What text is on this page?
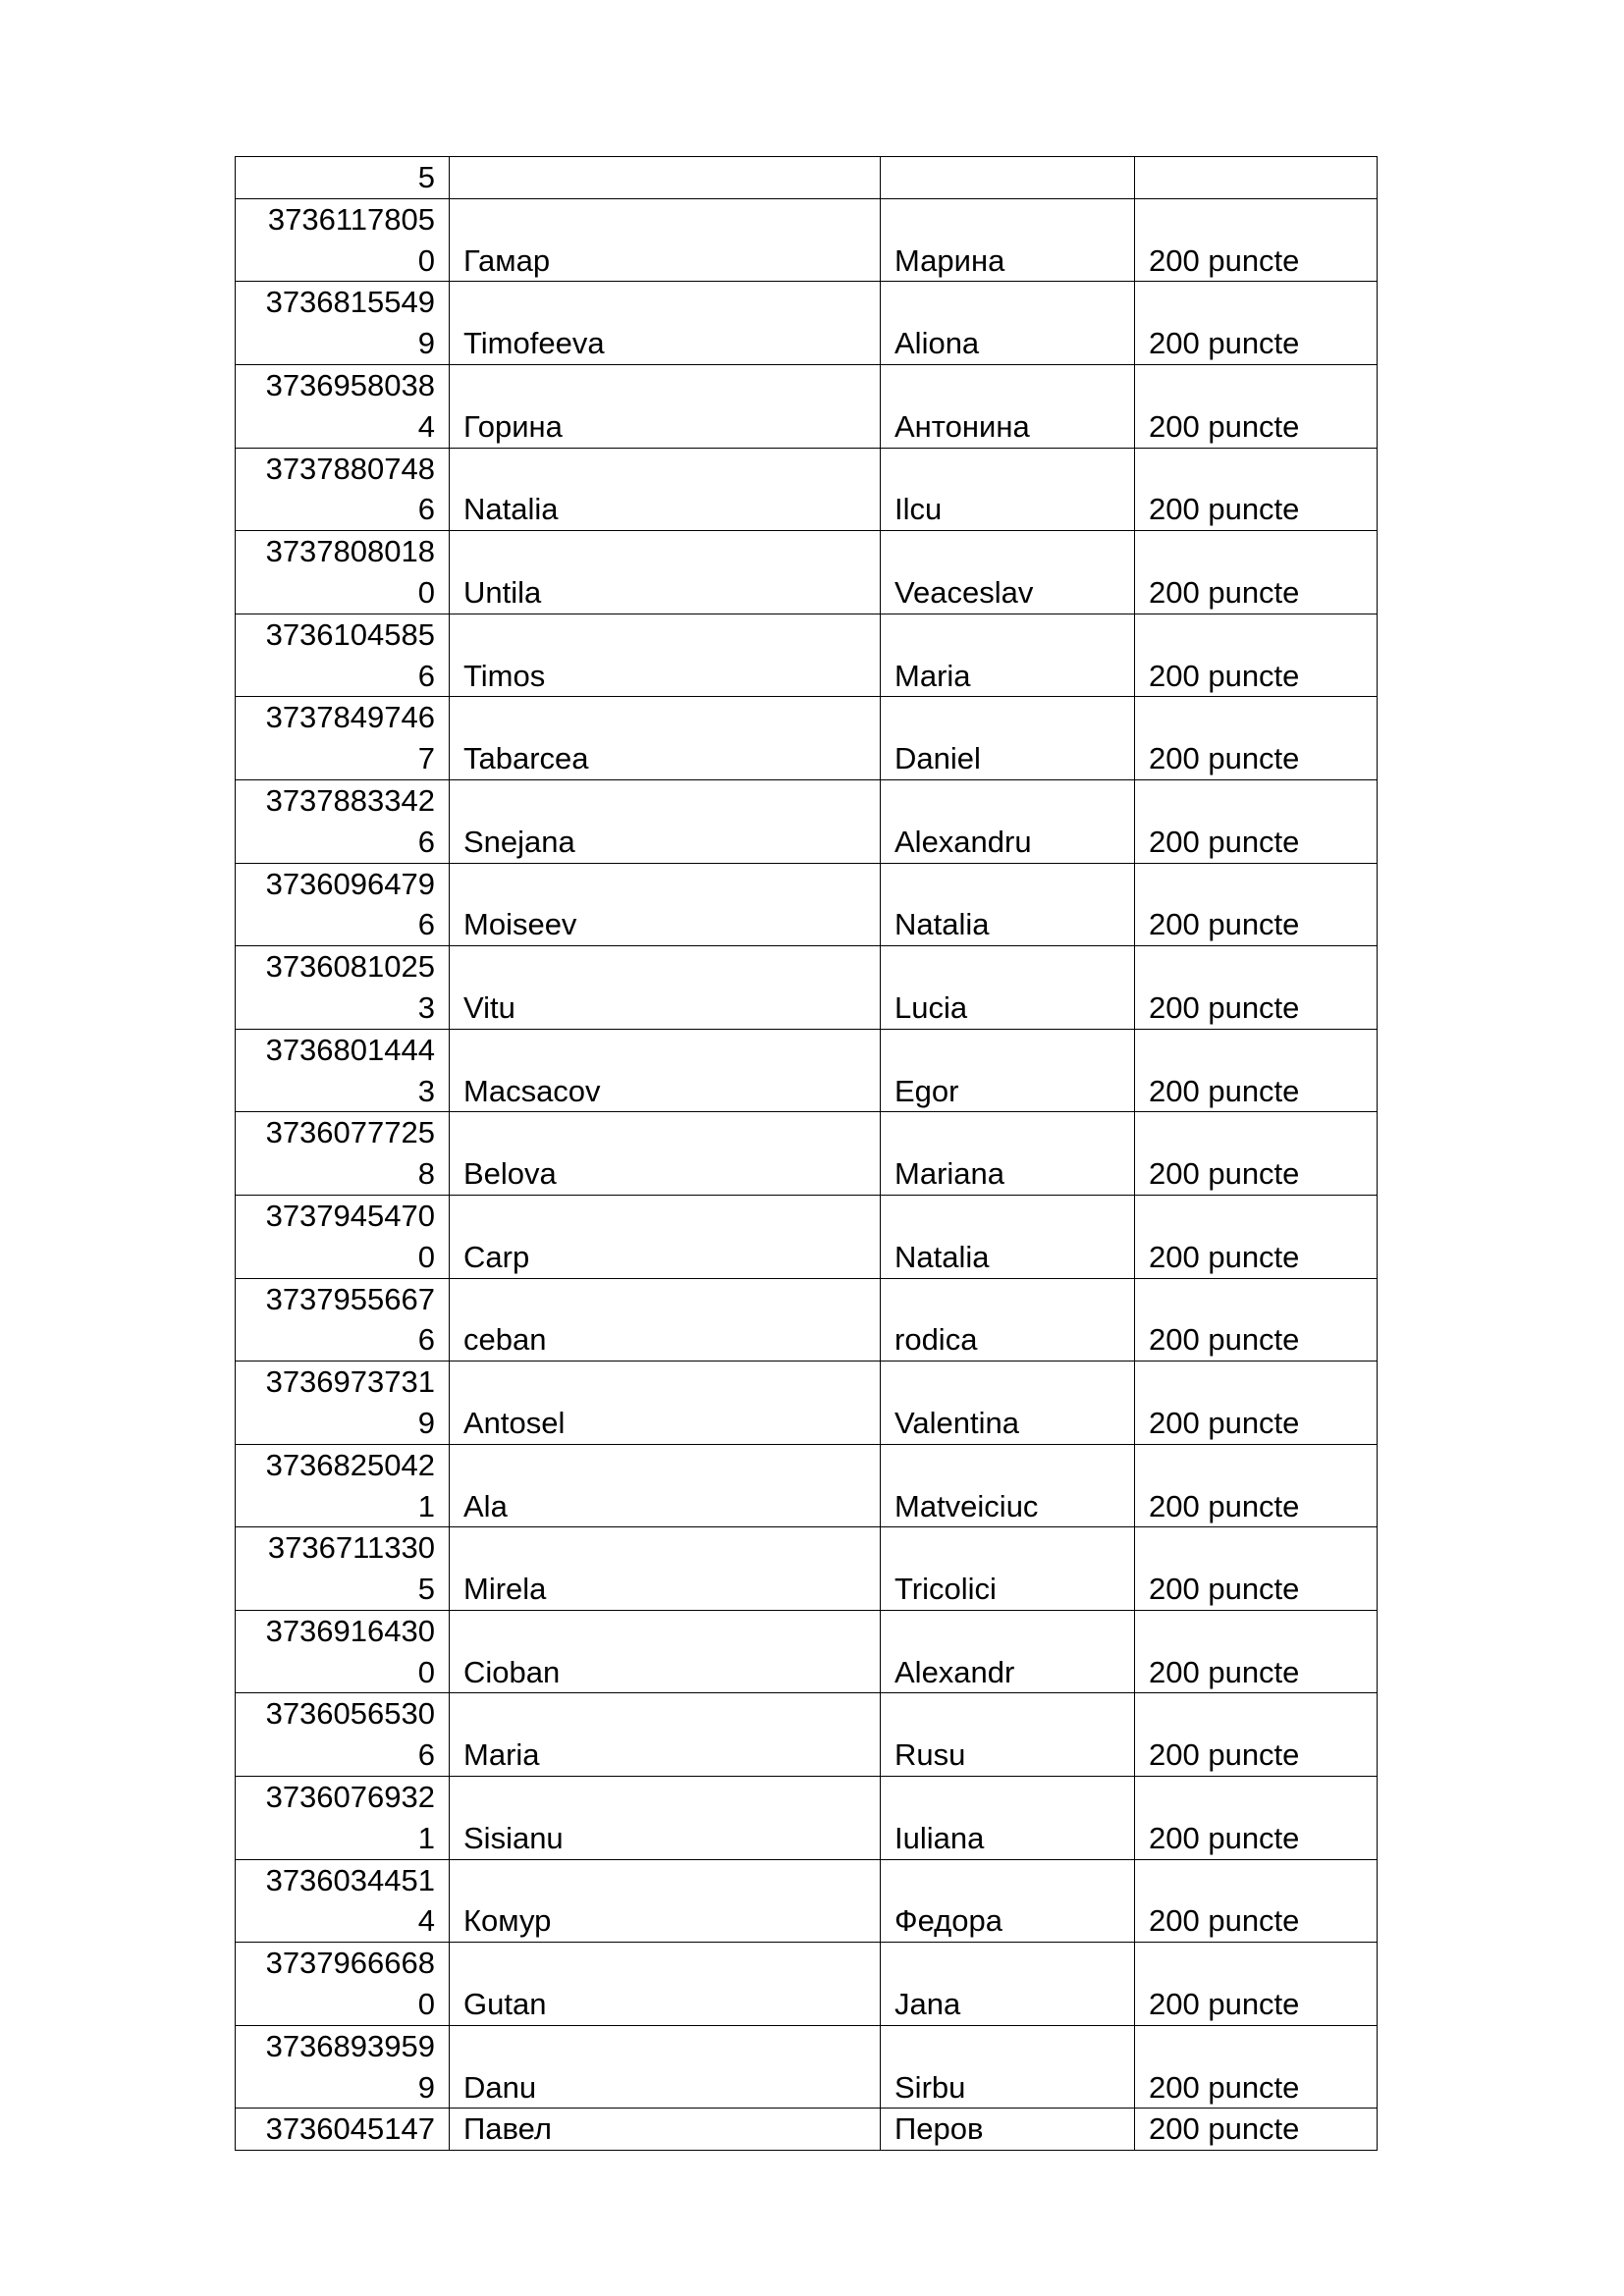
5			

3736117805
0	Гамар	Марина	200 puncte

3736815549
9	Timofeeva	Aliona	200 puncte

3736958038
4	Горина	Антонина	200 puncte

3737880748
6	Natalia	Ilcu	200 puncte

3737808018
0	Untila	Veaceslav	200 puncte

3736104585
6	Timos	Maria	200 puncte

3737849746
7	Tabarcea	Daniel	200 puncte

3737883342
6	Snejana	Alexandru	200 puncte

3736096479
6	Moiseev	Natalia	200 puncte

3736081025
3	Vitu	Lucia	200 puncte

3736801444
3	Macsacov	Egor	200 puncte

3736077725
8	Belova	Mariana	200 puncte

3737945470
0	Carp	Natalia	200 puncte

3737955667
6	ceban	rodica	200 puncte

3736973731
9	Antosel	Valentina	200 puncte

3736825042
1	Ala	Matveiciuc	200 puncte

3736711330
5	Mirela	Tricolici	200 puncte

3736916430
0	Cioban	Alexandr	200 puncte

3736056530
6	Maria	Rusu	200 puncte

3736076932
1	Sisianu	Iuliana	200 puncte

3736034451
4	Комур	Федора	200 puncte

3737966668
0	Gutan	Jana	200 puncte

3736893959
9	Danu	Sirbu	200 puncte

3736045147	Павел	Перов	200 puncte
